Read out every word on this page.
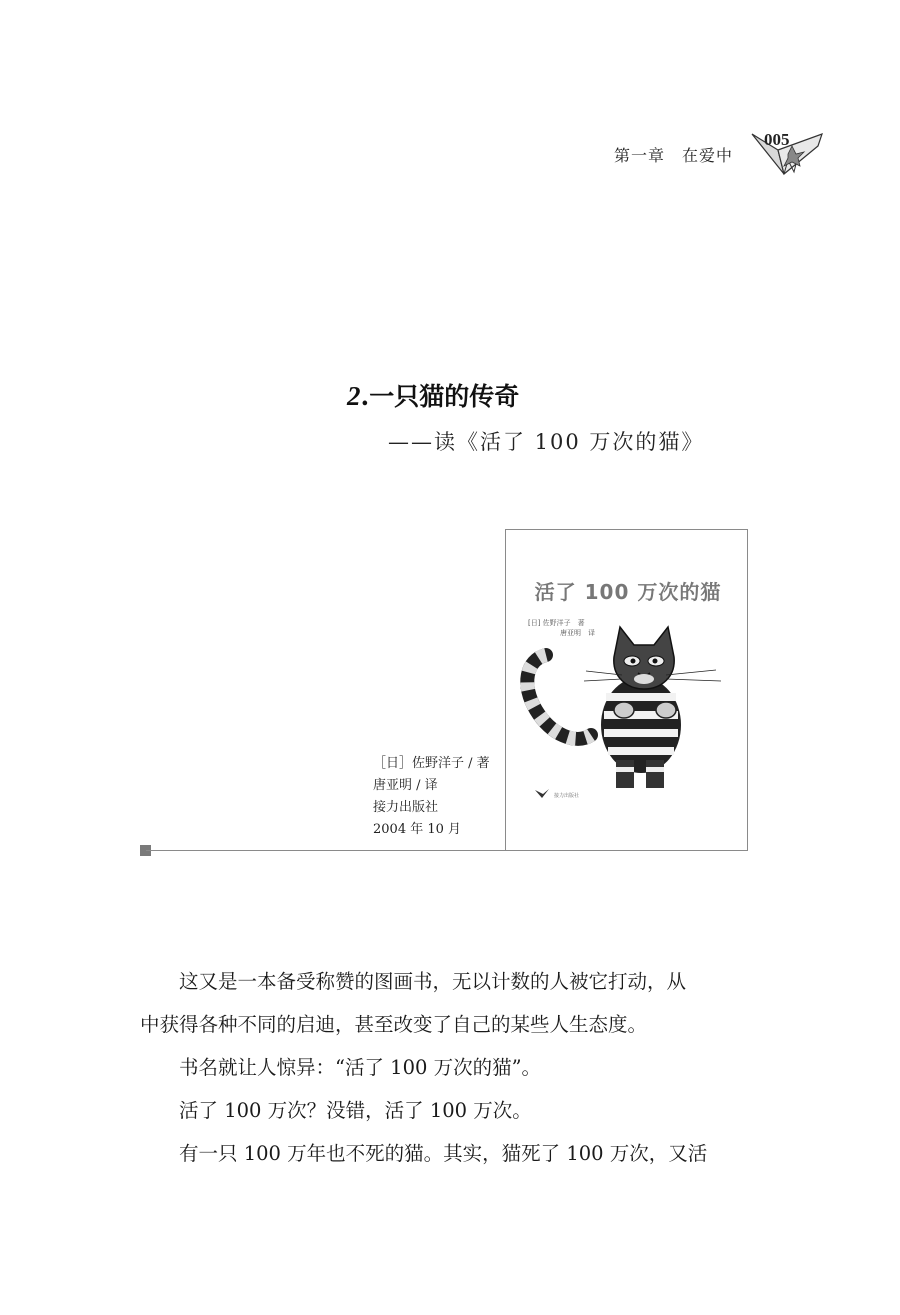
第一章　在爱中
005
2.一只猫的传奇
——读《活了 100 万次的猫》
活了 100 万次的猫
[日] 佐野洋子　著
唐亚明　译
接力出版社
［日］佐野洋子 / 著
唐亚明 / 译
接力出版社
2004 年 10 月

这又是一本备受称赞的图画书，无以计数的人被它打动，从

中获得各种不同的启迪，甚至改变了自己的某些人生态度。

书名就让人惊异：“活了 100 万次的猫”。

活了 100 万次？没错，活了 100 万次。

有一只 100 万年也不死的猫。其实，猫死了 100 万次，又活
